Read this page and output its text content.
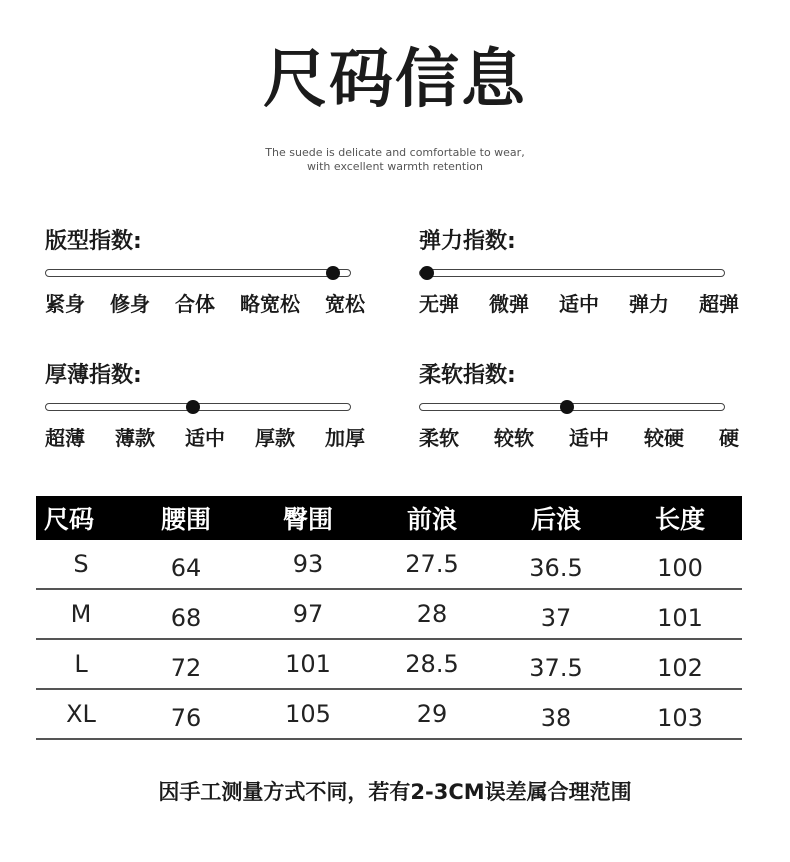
尺码信息
The suede is delicate and comfortable to wear,
with excellent warmth retention
版型指数:
紧身 修身 合体 略宽松 宽松
弹力指数:
无弹 微弹 适中 弹力 超弹
厚薄指数:
超薄 薄款 适中 厚款 加厚
柔软指数:
柔软 较软 适中 较硬 硬
尺码	腰围	臀围	前浪	后浪	长度
S	64	93	27.5	36.5	100
M	68	97	28	37	101
L	72	101	28.5	37.5	102
XL	76	105	29	38	103
因手工测量方式不同，若有2-3CM误差属合理范围
